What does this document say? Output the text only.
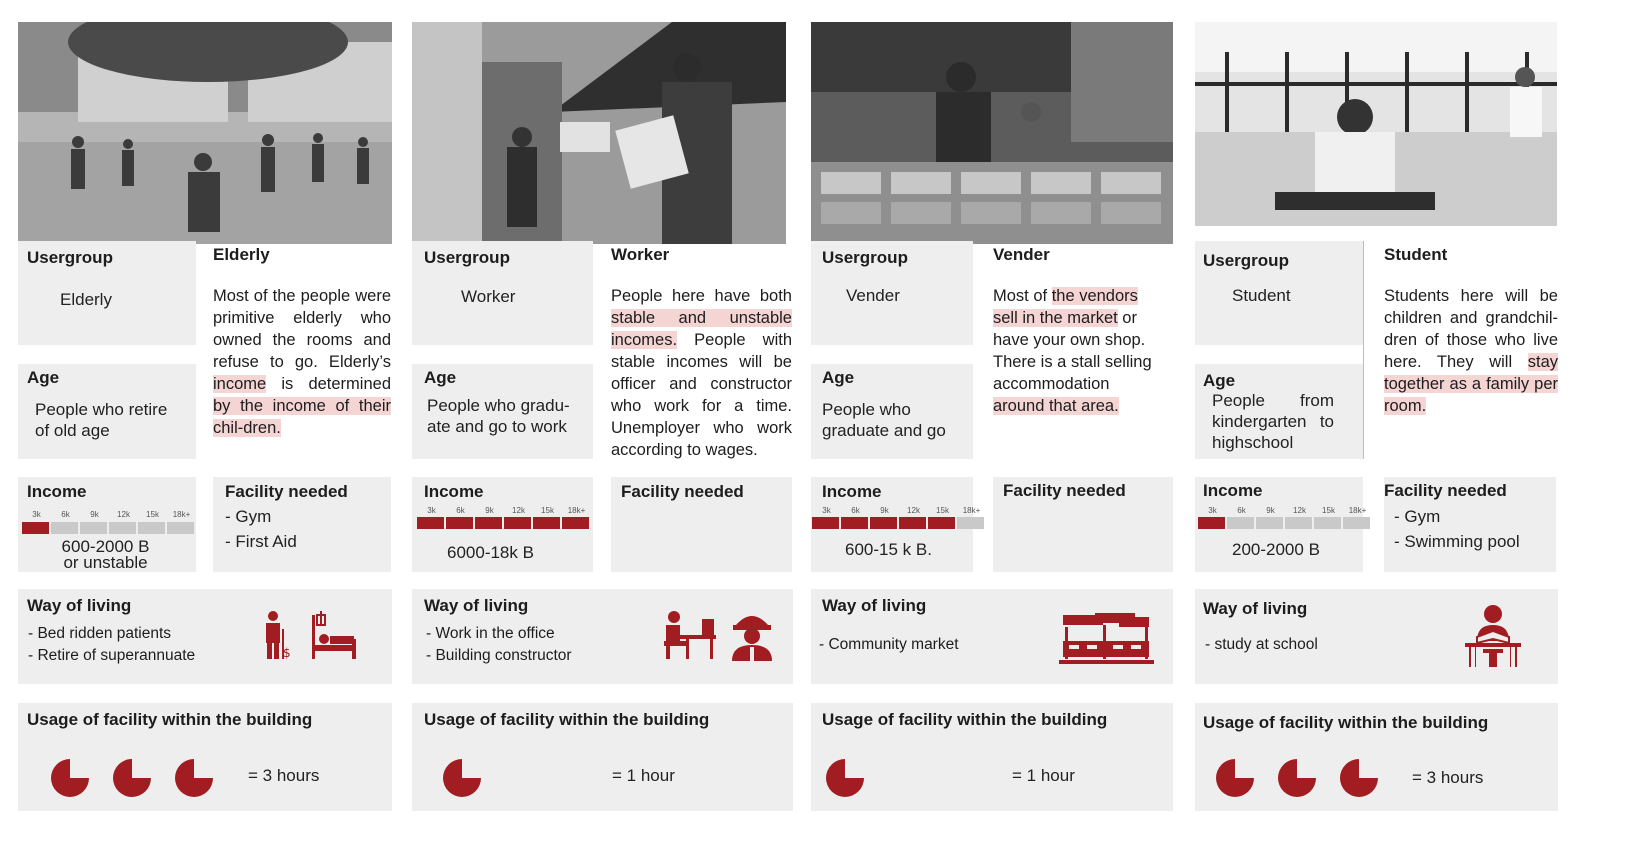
Usergroup
Elderly
Age
People who retire of old age
Elderly
Most of the people were primitive elderly who owned the rooms and refuse to go. Elderly’s income is determined by the income of their chil-dren.
Income
3k	6k	9k	12k	15k	18k+
600-2000 B or unstable
Facility needed
- Gym
- First Aid
Way of living
- Bed ridden patients
- Retire of superannuate	$
Usage of facility within the building
= 3 hours
Usergroup
Worker
Age
People who gradu-ate and go to work
Worker
People here have both stable and unstable incomes. People with stable incomes will be officer and constructor who work for a time. Unemployer who work according to wages.
Income
3k	6k	9k	12k	15k	18k+
6000-18k B
Facility needed
Way of living
- Work in the office
- Building constructor
Usage of facility within the building
= 1 hour
Usergroup
Vender
Age
People who graduate and go
Vender
Most of the vendors sell in the market or have your own shop. There is a stall selling accommodation around that area.
Income
3k	6k	9k	12k	15k	18k+
600-15 k B.
Facility needed
Way of living
- Community market
Usage of facility within the building
= 1 hour
Usergroup
Student
Age
People from kindergarten to highschool
Student
Students here will be children and grandchil-dren of those who live here. They will stay together as a family per room.
Income
3k	6k	9k	12k	15k	18k+
200-2000 B
Facility needed
- Gym
- Swimming pool
Way of living
- study at school
Usage of facility within the building
= 3 hours
